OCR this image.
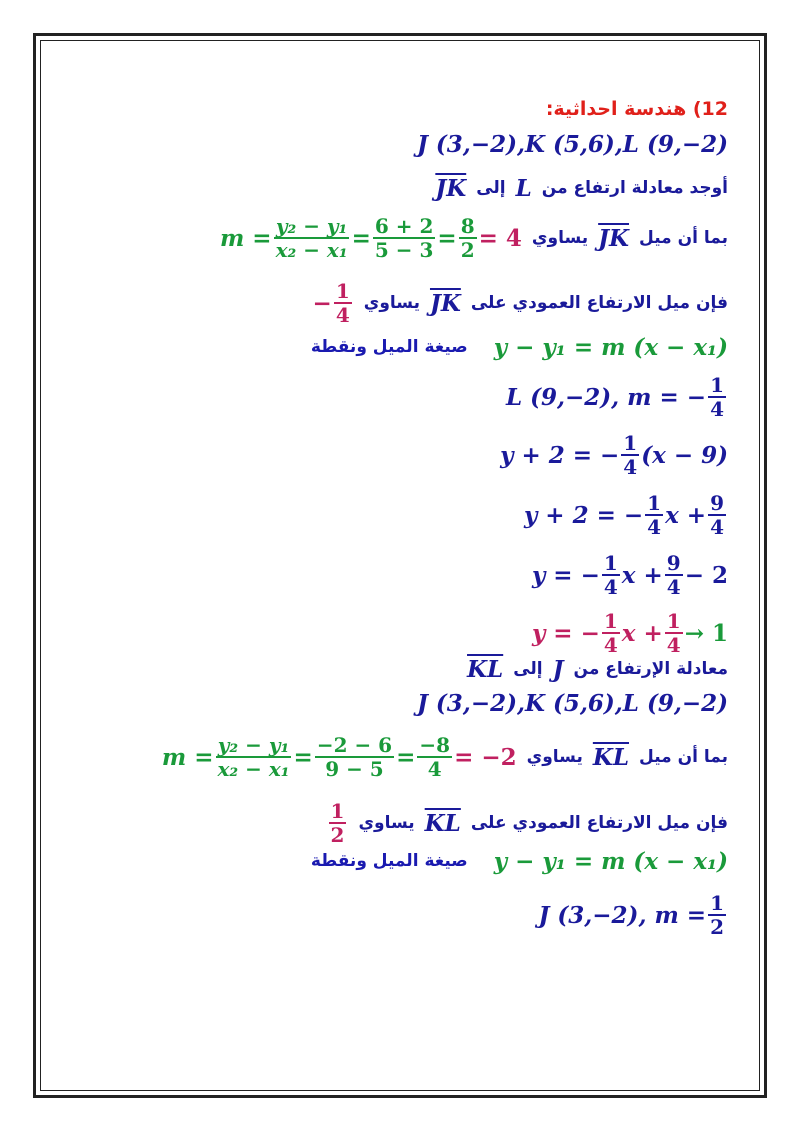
12) هندسة احداثية:
J (3,−2),K (5,6),L (9,−2)
$\overline{JK}$ إلى L أوجد معادلة ارتفاع من
$m = \frac{\text{y₂ − y₁}}{\text{x₂ − x₁}} = \frac{6 + 2}{5 - 3} = \frac{8}{2} = 4$ يساوي $\overline{JK}$ بما أن ميل
− $\frac{1}{4}$ يساوي $\overline{JK}$ فإن ميل الارتفاع العمودي على
صيغة الميل ونقطة y − y₁ = m (x − x₁)
L (9,−2), m = − $\frac{1}{4}$
y + 2 = − $\frac{1}{4} (x - 9)$
y + 2 = − $\frac{1}{4}$ $x + \frac{9}{4}$
y = − $\frac{1}{4}$ $x + \frac{9}{4} - 2$
y = − $\frac{1}{4}$ $x + \frac{1}{4} \to 1$
$\overline{KL}$ إلى J معادلة الإرتفاع من
J (3,−2),K (5,6),L (9,−2)
$m = \frac{\text{y₂ − y₁}}{\text{x₂ − x₁}} = \frac{-2 - 6}{9 - 5} = \frac{-8}{4} = -2$ يساوي $\overline{KL}$ بما أن ميل
$\frac{1}{2}$ يساوي $\overline{KL}$ فإن ميل الارتفاع العمودي على
صيغة الميل ونقطة y − y₁ = m (x − x₁)
J (3,−2), $m = \frac{1}{2}$
